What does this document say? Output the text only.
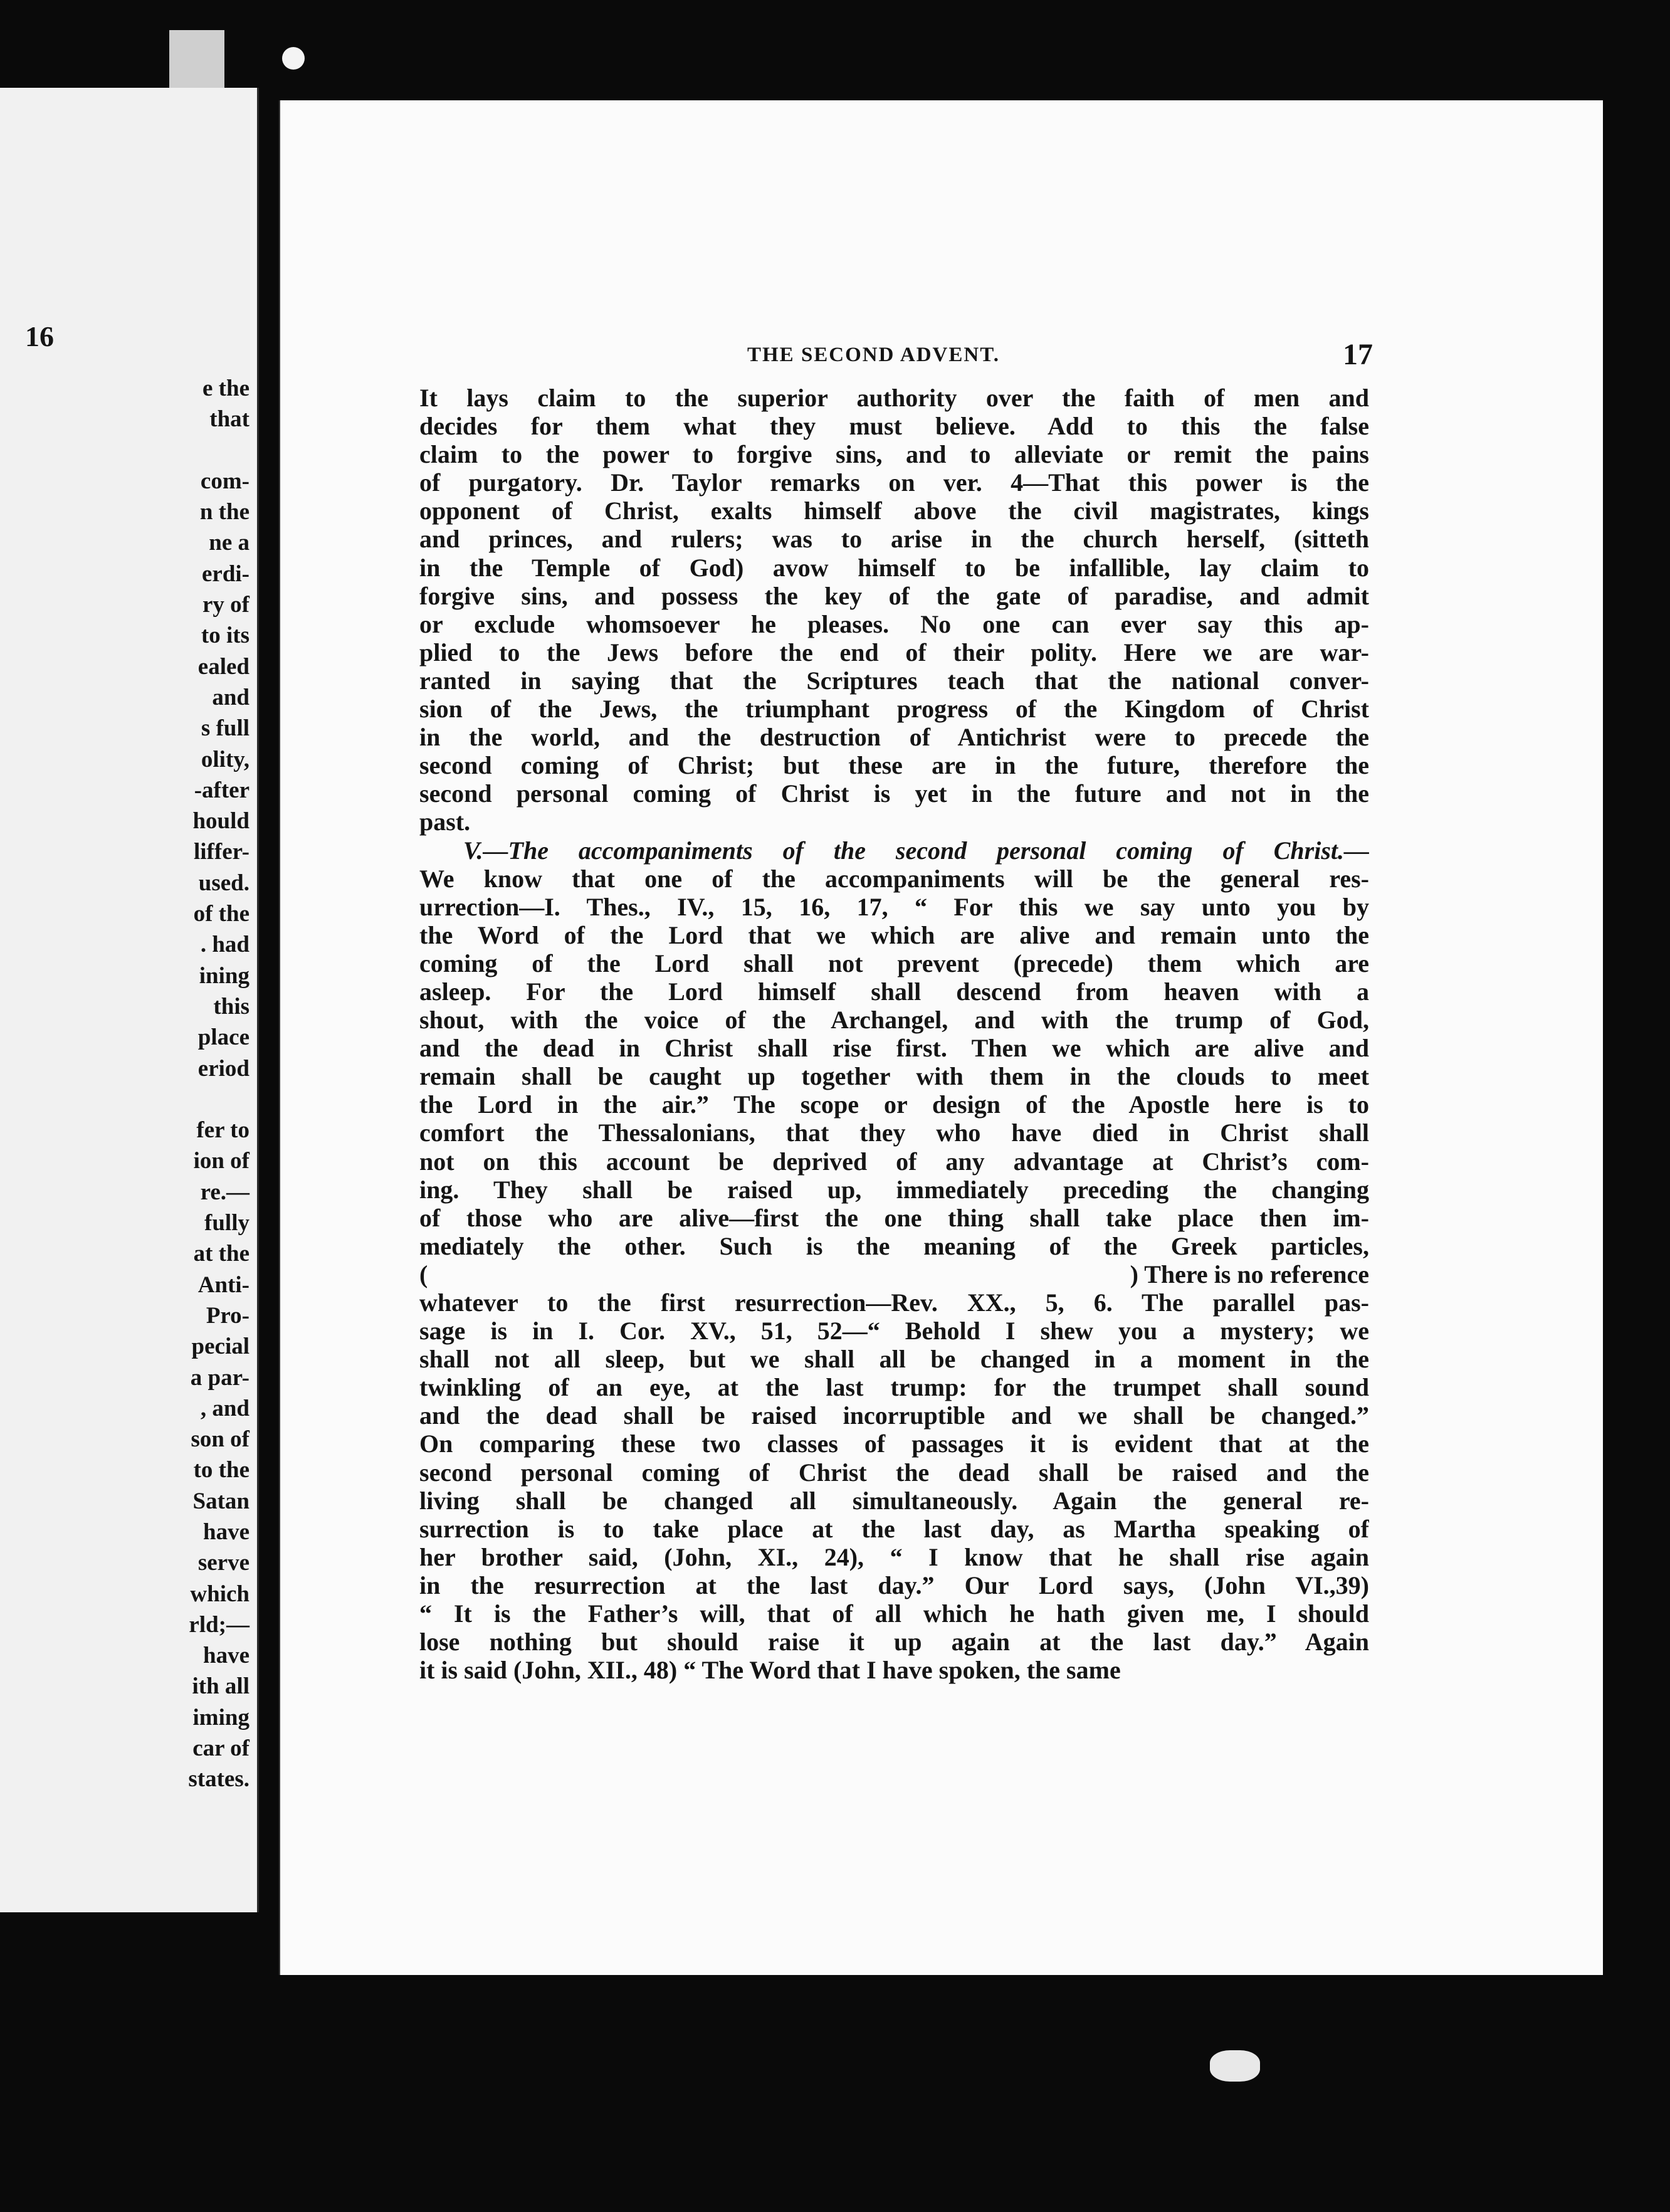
16
e the
that

com-
n the
ne a
erdi-
ry of
to its
ealed
and
s full
olity,
-after
hould
liffer-
used.
of the
. had
ining
this
place
eriod

fer to
ion of
re.—
fully
at the
Anti-
Pro-
pecial
a par-
, and
son of
to the
Satan
have
serve
which
rld;—
have
ith all
iming
car of
states.
THE SECOND ADVENT.	17
It lays claim to the superior authority over the faith of men and
decides for them what they must believe. Add to this the false
claim to the power to forgive sins, and to alleviate or remit the pains
of purgatory. Dr. Taylor remarks on ver. 4—That this power is the
opponent of Christ, exalts himself above the civil magistrates, kings
and princes, and rulers; was to arise in the church herself, (sitteth
in the Temple of God) avow himself to be infallible, lay claim to
forgive sins, and possess the key of the gate of paradise, and admit
or exclude whomsoever he pleases. No one can ever say this ap-
plied to the Jews before the end of their polity. Here we are war-
ranted in saying that the Scriptures teach that the national conver-
sion of the Jews, the triumphant progress of the Kingdom of Christ
in the world, and the destruction of Antichrist were to precede the
second coming of Christ; but these are in the future, therefore the
second personal coming of Christ is yet in the future and not in the
past.
V.—The accompaniments of the second personal coming of Christ.—
We know that one of the accompaniments will be the general res-
urrection—I. Thes., IV., 15, 16, 17, “ For this we say unto you by
the Word of the Lord that we which are alive and remain unto the
coming of the Lord shall not prevent (precede) them which are
asleep. For the Lord himself shall descend from heaven with a
shout, with the voice of the Archangel, and with the trump of God,
and the dead in Christ shall rise first. Then we which are alive and
remain shall be caught up together with them in the clouds to meet
the Lord in the air.” The scope or design of the Apostle here is to
comfort the Thessalonians, that they who have died in Christ shall
not on this account be deprived of any advantage at Christ’s com-
ing. They shall be raised up, immediately preceding the changing
of those who are alive—first the one thing shall take place then im-
mediately the other. Such is the meaning of the Greek particles,
(	) There is no reference
whatever to the first resurrection—Rev. XX., 5, 6. The parallel pas-
sage is in I. Cor. XV., 51, 52—“ Behold I shew you a mystery; we
shall not all sleep, but we shall all be changed in a moment in the
twinkling of an eye, at the last trump: for the trumpet shall sound
and the dead shall be raised incorruptible and we shall be changed.”
On comparing these two classes of passages it is evident that at the
second personal coming of Christ the dead shall be raised and the
living shall be changed all simultaneously. Again the general re-
surrection is to take place at the last day, as Martha speaking of
her brother said, (John, XI., 24), “ I know that he shall rise again
in the resurrection at the last day.” Our Lord says, (John VI.,39)
“ It is the Father’s will, that of all which he hath given me, I should
lose nothing but should raise it up again at the last day.” Again
it is said (John, XII., 48) “ The Word that I have spoken, the same
